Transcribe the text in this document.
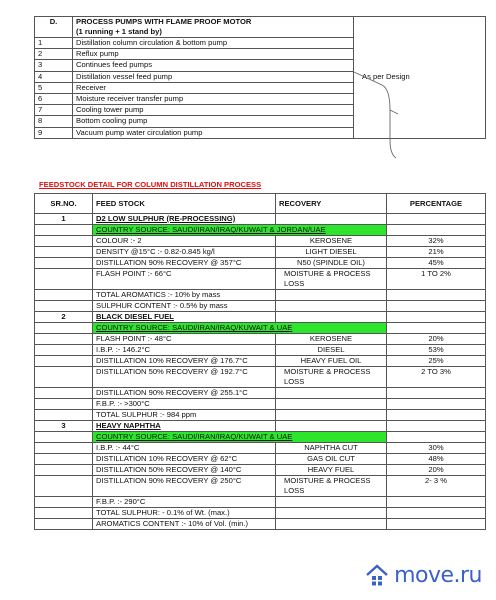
D.	PROCESS PUMPS WITH FLAME PROOF MOTOR
(1 running + 1 stand by)	As per Design
1	Distillation column circulation & bottom pump	
2	Reflux pump	
3	Continues feed pumps	
4	Distillation vessel feed pump	
5	Receiver	
6	Moisture receiver transfer pump	
7	Cooling tower pump	
8	Bottom cooling pump	
9	Vacuum pump water circulation pump	
FEEDSTOCK DETAIL FOR COLUMN DISTILLATION PROCESS
SR.NO.	FEED STOCK	RECOVERY	PERCENTAGE
1	D2 LOW SULPHUR (RE-PROCESSING)		
	COUNTRY SOURCE: SAUDI/IRAN/IRAQ/KUWAIT & JORDAN/UAE		
	COLOUR :- 2	KEROSENE	32%
	DENSITY @15°C :- 0.82-0.845 kg/l	LIGHT DIESEL	21%
	DISTILLATION 90% RECOVERY @ 357°C	N50 (SPINDLE OIL)	45%
	FLASH POINT :- 66°C	MOISTURE & PROCESS LOSS	1 TO 2%
	TOTAL AROMATICS :- 10% by mass		
	SULPHUR CONTENT :- 0.5% by mass		
2	BLACK DIESEL FUEL		
	COUNTRY SOURCE: SAUDI/IRAN/IRAQ/KUWAIT & UAE		
	FLASH POINT :- 48°C	KEROSENE	20%
	I.B.P. :- 146.2°C	DIESEL	53%
	DISTILLATION 10% RECOVERY @ 176.7°C	HEAVY FUEL OIL	25%
	DISTILLATION 50% RECOVERY @ 192.7°C	MOISTURE & PROCESS LOSS	2 TO 3%
	DISTILLATION 90% RECOVERY @ 255.1°C		
	F.B.P. :- >300°C		
	TOTAL SULPHUR :- 984 ppm		
3	HEAVY NAPHTHA		
	COUNTRY SOURCE: SAUDI/IRAN/IRAQ/KUWAIT & UAE		
	I.B.P. :- 44°C	NAPHTHA CUT	30%
	DISTILLATION 10% RECOVERY @ 62°C	GAS OIL CUT	48%
	DISTILLATION 50% RECOVERY @ 140°C	HEAVY FUEL	20%
	DISTILLATION 90% RECOVERY @ 250°C	MOISTURE & PROCESS LOSS	2- 3 %
	F.B.P. :- 290°C		
	TOTAL SULPHUR: - 0.1% of Wt. (max.)		
	AROMATICS CONTENT :- 10% of Vol. (min.)		
move.ru
